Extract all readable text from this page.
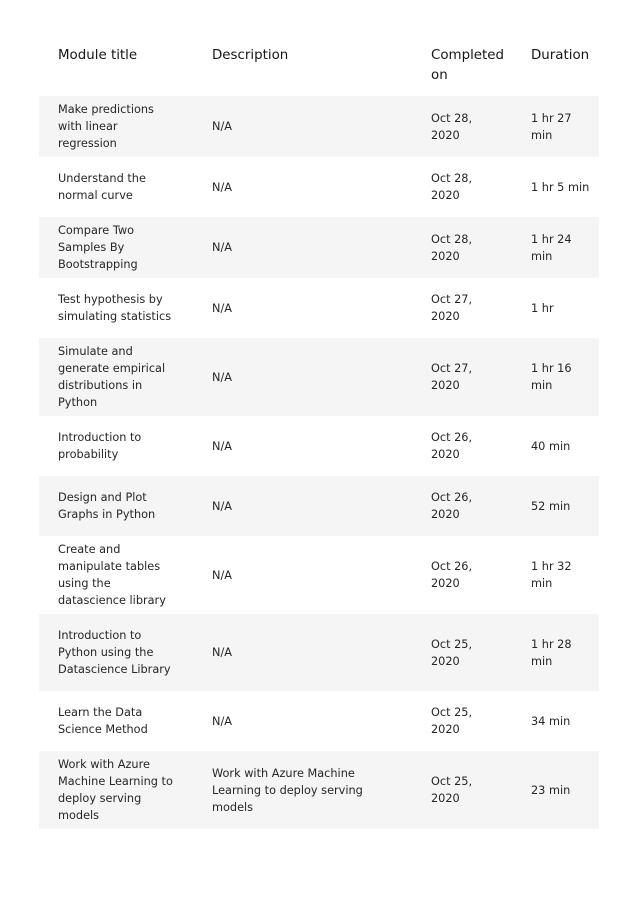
Module title	Description	Completed on	Duration
Make predictions with linear regression	N/A	Oct 28, 2020	1 hr 27 min
Understand the normal curve	N/A	Oct 28, 2020	1 hr 5 min
Compare Two Samples By Bootstrapping	N/A	Oct 28, 2020	1 hr 24 min
Test hypothesis by simulating statistics	N/A	Oct 27, 2020	1 hr
Simulate and generate empirical distributions in Python	N/A	Oct 27, 2020	1 hr 16 min
Introduction to probability	N/A	Oct 26, 2020	40 min
Design and Plot Graphs in Python	N/A	Oct 26, 2020	52 min
Create and manipulate tables using the datascience library	N/A	Oct 26, 2020	1 hr 32 min
Introduction to Python using the Datascience Library	N/A	Oct 25, 2020	1 hr 28 min
Learn the Data Science Method	N/A	Oct 25, 2020	34 min
Work with Azure Machine Learning to deploy serving models	Work with Azure Machine Learning to deploy serving models	Oct 25, 2020	23 min
